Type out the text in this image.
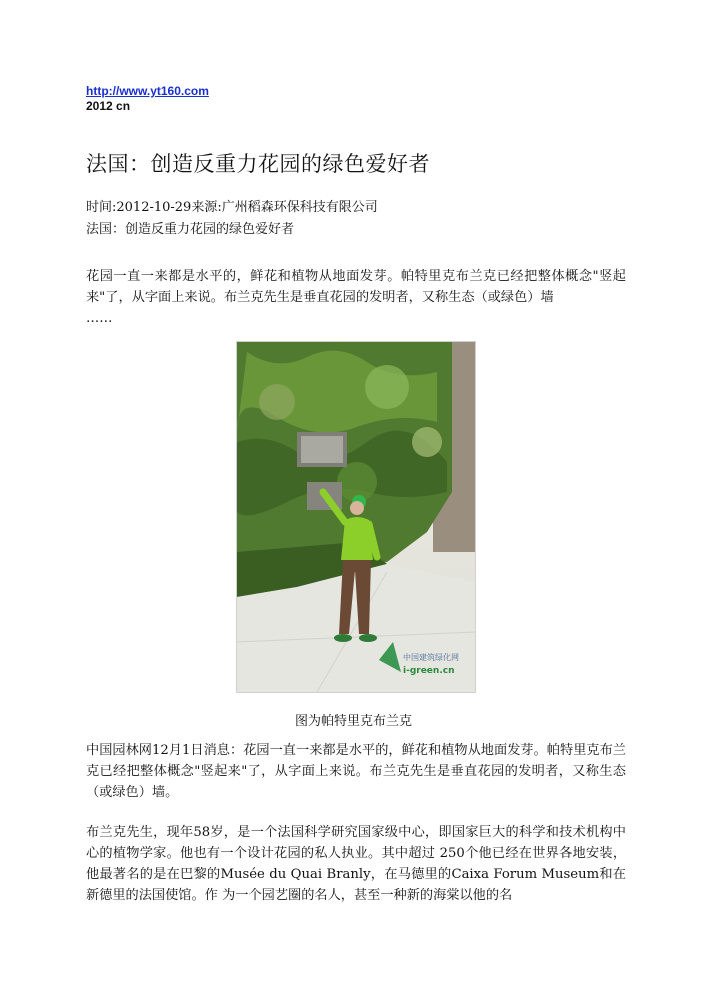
http://www.yt160.com
2012 cn
法国：创造反重力花园的绿色爱好者
时间:2012-10-29来源:广州稻森环保科技有限公司
法国：创造反重力花园的绿色爱好者
花园一直一来都是水平的，鲜花和植物从地面发芽。帕特里克布兰克已经把整体概念"竖起来"了，从字面上来说。布兰克先生是垂直花园的发明者，又称生态（或绿色）墙
……
中国建筑绿化网
i-green.cn
图为帕特里克布兰克
中国园林网12月1日消息：花园一直一来都是水平的，鲜花和植物从地面发芽。帕特里克布兰克已经把整体概念"竖起来"了，从字面上来说。布兰克先生是垂直花园的发明者，又称生态（或绿色）墙。
布兰克先生，现年58岁，是一个法国科学研究国家级中心，即国家巨大的科学和技术机构中心的植物学家。他也有一个设计花园的私人执业。其中超过 250个他已经在世界各地安装，他最著名的是在巴黎的Musée du Quai Branly，在马德里的Caixa Forum Museum和在新德里的法国使馆。作 为一个园艺圈的名人，甚至一种新的海棠以他的名
